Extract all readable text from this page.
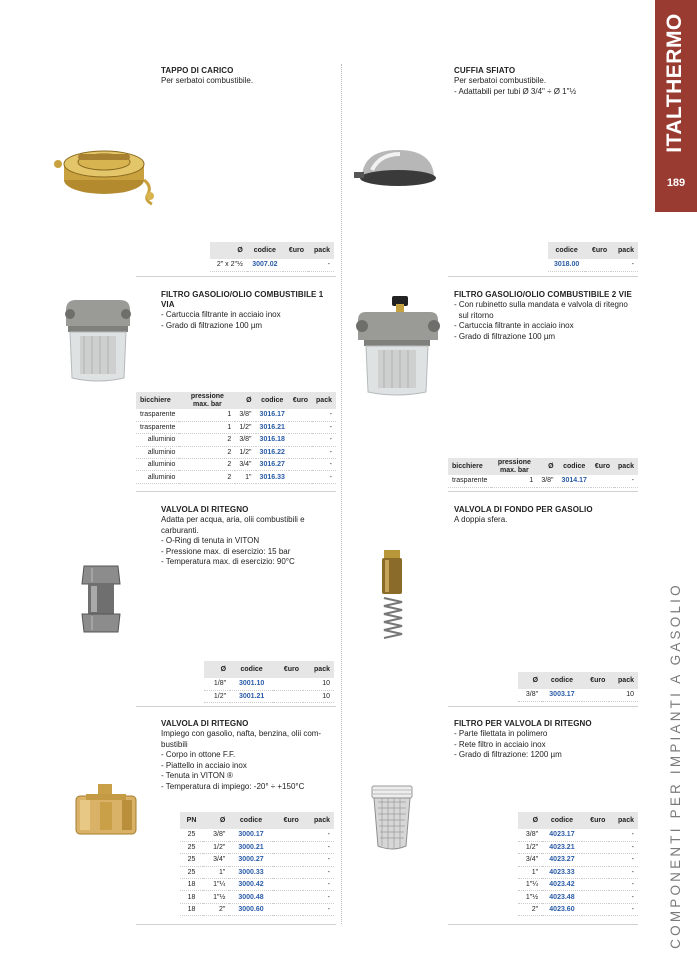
ITALTHERMO
189
COMPONENTI PER IMPIANTI A GASOLIO
TAPPO DI CARICO
Per serbatoi combustibile.
Ø	codice	€uro	pack
2" x 2"½	3007.02		-
CUFFIA SFIATO
Per serbatoi combustibile.
- Adattabili per tubi Ø 3/4" ÷ Ø 1"½
codice	€uro	pack
3018.00		-
FILTRO GASOLIO/OLIO COMBUSTIBILE 1 VIA
- Cartuccia filtrante in acciaio inox
- Grado di filtrazione 100 µm
bicchiere	pressione max. bar	Ø	codice	€uro	pack
trasparente	1	3/8"	3016.17		-
trasparente	1	1/2"	3016.21		-
alluminio	2	3/8"	3016.18		-
alluminio	2	1/2"	3016.22		-
alluminio	2	3/4"	3016.27		-
alluminio	2	1"	3016.33		-
FILTRO GASOLIO/OLIO COMBUSTIBILE 2 VIE
- Con rubinetto sulla mandata e valvola di ritegno
sul ritorno
- Cartuccia filtrante in acciaio inox
- Grado di filtrazione 100 µm
bicchiere	pressione max. bar	Ø	codice	€uro	pack
trasparente	1	3/8"	3014.17		-
VALVOLA DI RITEGNO
Adatta per acqua, aria, olii combustibili e
carburanti.
- O-Ring di tenuta in VITON
- Pressione max. di esercizio: 15 bar
- Temperatura max. di esercizio: 90°C
Ø	codice	€uro	pack
1/8"	3001.10		10
1/2"	3001.21		10
VALVOLA DI FONDO PER GASOLIO
A doppia sfera.
Ø	codice	€uro	pack
3/8"	3003.17		10
VALVOLA DI RITEGNO
Impiego con gasolio, nafta, benzina, olii com-
bustibili
- Corpo in ottone F.F.
- Piattello in acciaio inox
- Tenuta in VITON ®
- Temperatura di impiego: -20° ÷ +150°C
PN	Ø	codice	€uro	pack
25	3/8"	3000.17		-
25	1/2"	3000.21		-
25	3/4"	3000.27		-
25	1"	3000.33		-
18	1"¼	3000.42		-
18	1"½	3000.48		-
18	2"	3000.60		-
FILTRO PER VALVOLA DI RITEGNO
- Parte filettata in polimero
- Rete filtro in acciaio inox
- Grado di filtrazione: 1200 µm
Ø	codice	€uro	pack
3/8"	4023.17		-
1/2"	4023.21		-
3/4"	4023.27		-
1"	4023.33		-
1"¼	4023.42		-
1"½	4023.48		-
2"	4023.60		-
